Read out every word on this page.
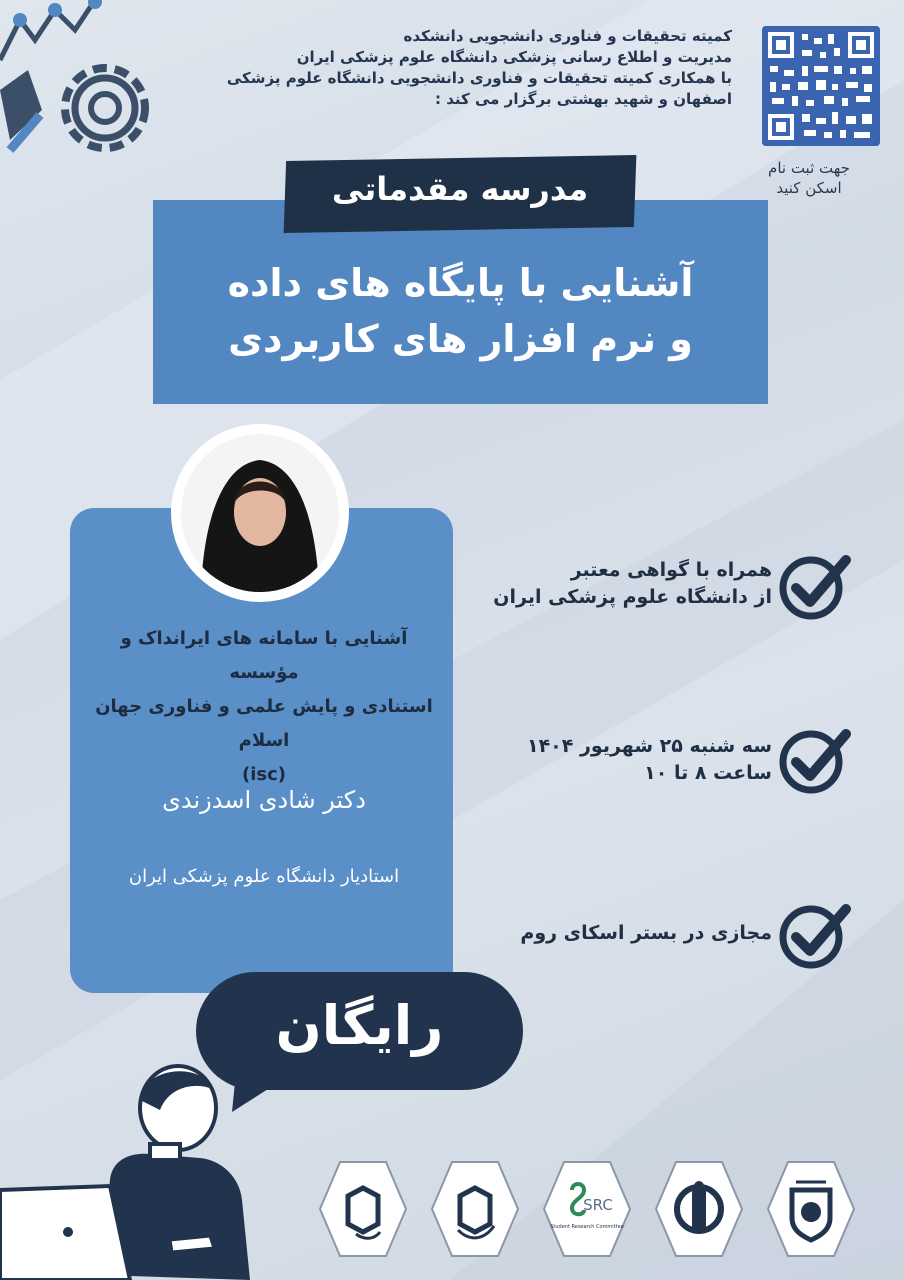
کمیته تحقیقات و فناوری دانشجویی دانشکده
مدیریت و اطلاع رسانی پزشکی دانشگاه علوم پزشکی ایران
با همکاری کمیته تحقیقات و فناوری دانشجویی دانشگاه علوم پزشکی
اصفهان و شهید بهشتی برگزار می کند :
جهت ثبت نام
اسکن کنید
مدرسه مقدماتی
آشنایی با پایگاه های داده
و نرم افزار های کاربردی
آشنایی با سامانه های ایرانداک و مؤسسه
استنادی و پایش علمی و فناوری جهان اسلام
(isc)
دکتر شادی اسدزندی
استادیار دانشگاه علوم پزشکی ایران
همراه با گواهی معتبر
از دانشگاه علوم پزشکی ایران
سه شنبه ۲۵ شهریور ۱۴۰۴
ساعت ۸ تا ۱۰
مجازی در بستر اسکای روم
رایگان
SRC
Student Research Committee
